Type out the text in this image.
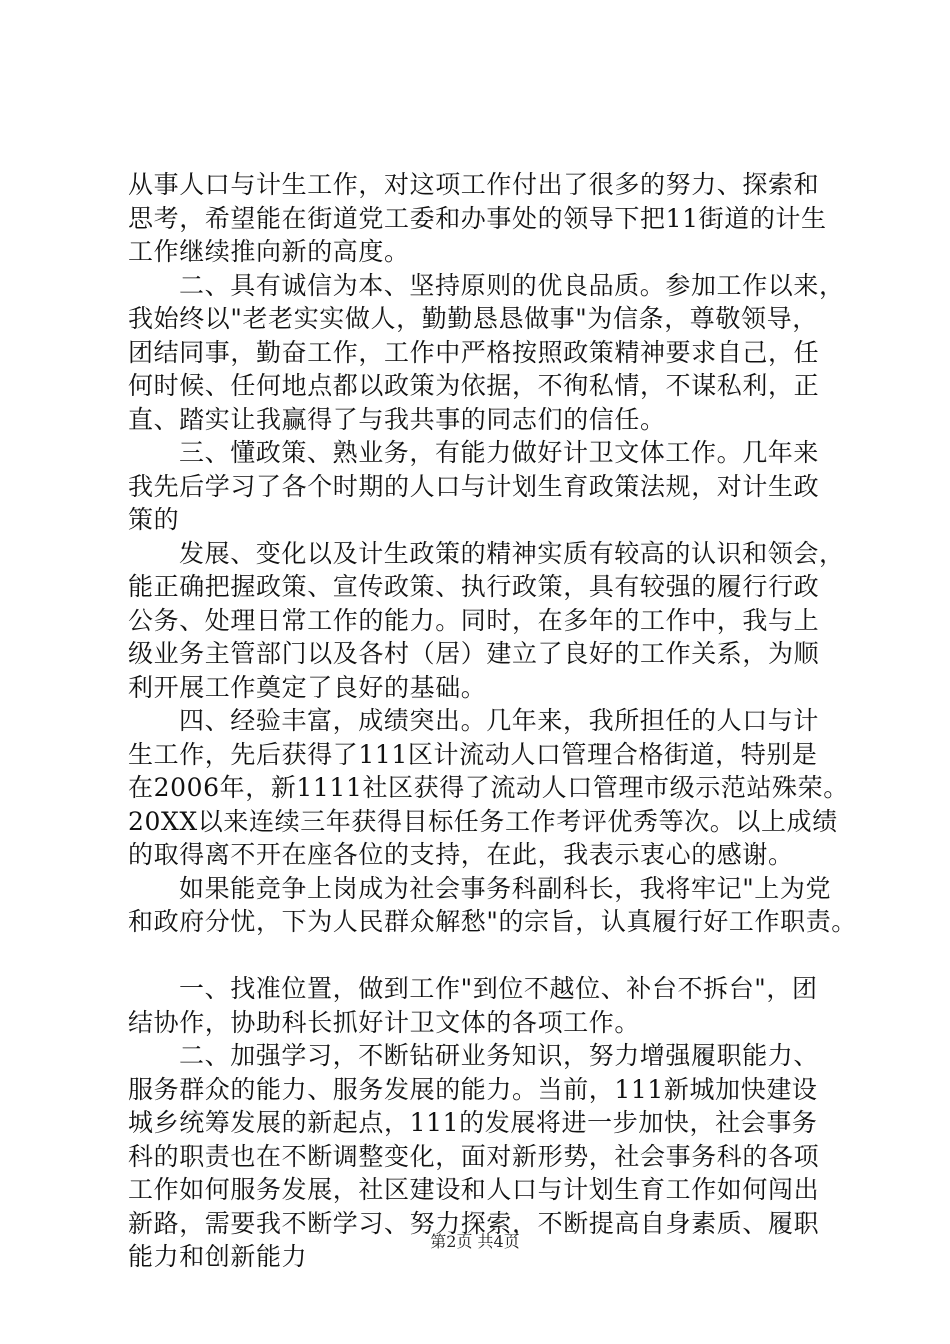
从事人口与计生工作，对这项工作付出了很多的努力、探索和
思考，希望能在街道党工委和办事处的领导下把11街道的计生
工作继续推向新的高度。
二、具有诚信为本、坚持原则的优良品质。参加工作以来，
我始终以"老老实实做人，勤勤恳恳做事"为信条，尊敬领导，
团结同事，勤奋工作，工作中严格按照政策精神要求自己，任
何时候、任何地点都以政策为依据，不徇私情，不谋私利，正
直、踏实让我赢得了与我共事的同志们的信任。
三、懂政策、熟业务，有能力做好计卫文体工作。几年来
我先后学习了各个时期的人口与计划生育政策法规，对计生政
策的
发展、变化以及计生政策的精神实质有较高的认识和领会，
能正确把握政策、宣传政策、执行政策，具有较强的履行行政
公务、处理日常工作的能力。同时，在多年的工作中，我与上
级业务主管部门以及各村（居）建立了良好的工作关系，为顺
利开展工作奠定了良好的基础。
四、经验丰富，成绩突出。几年来，我所担任的人口与计
生工作，先后获得了111区计流动人口管理合格街道，特别是
在2006年，新1111社区获得了流动人口管理市级示范站殊荣。
20XX以来连续三年获得目标任务工作考评优秀等次。以上成绩
的取得离不开在座各位的支持，在此，我表示衷心的感谢。
如果能竞争上岗成为社会事务科副科长，我将牢记"上为党
和政府分忧，下为人民群众解愁"的宗旨，认真履行好工作职责。
一、找准位置，做到工作"到位不越位、补台不拆台"，团
结协作，协助科长抓好计卫文体的各项工作。
二、加强学习，不断钻研业务知识，努力增强履职能力、
服务群众的能力、服务发展的能力。当前，111新城加快建设
城乡统筹发展的新起点，111的发展将进一步加快，社会事务
科的职责也在不断调整变化，面对新形势，社会事务科的各项
工作如何服务发展，社区建设和人口与计划生育工作如何闯出
新路，需要我不断学习、努力探索，不断提高自身素质、履职
能力和创新能力
第2页 共4页
